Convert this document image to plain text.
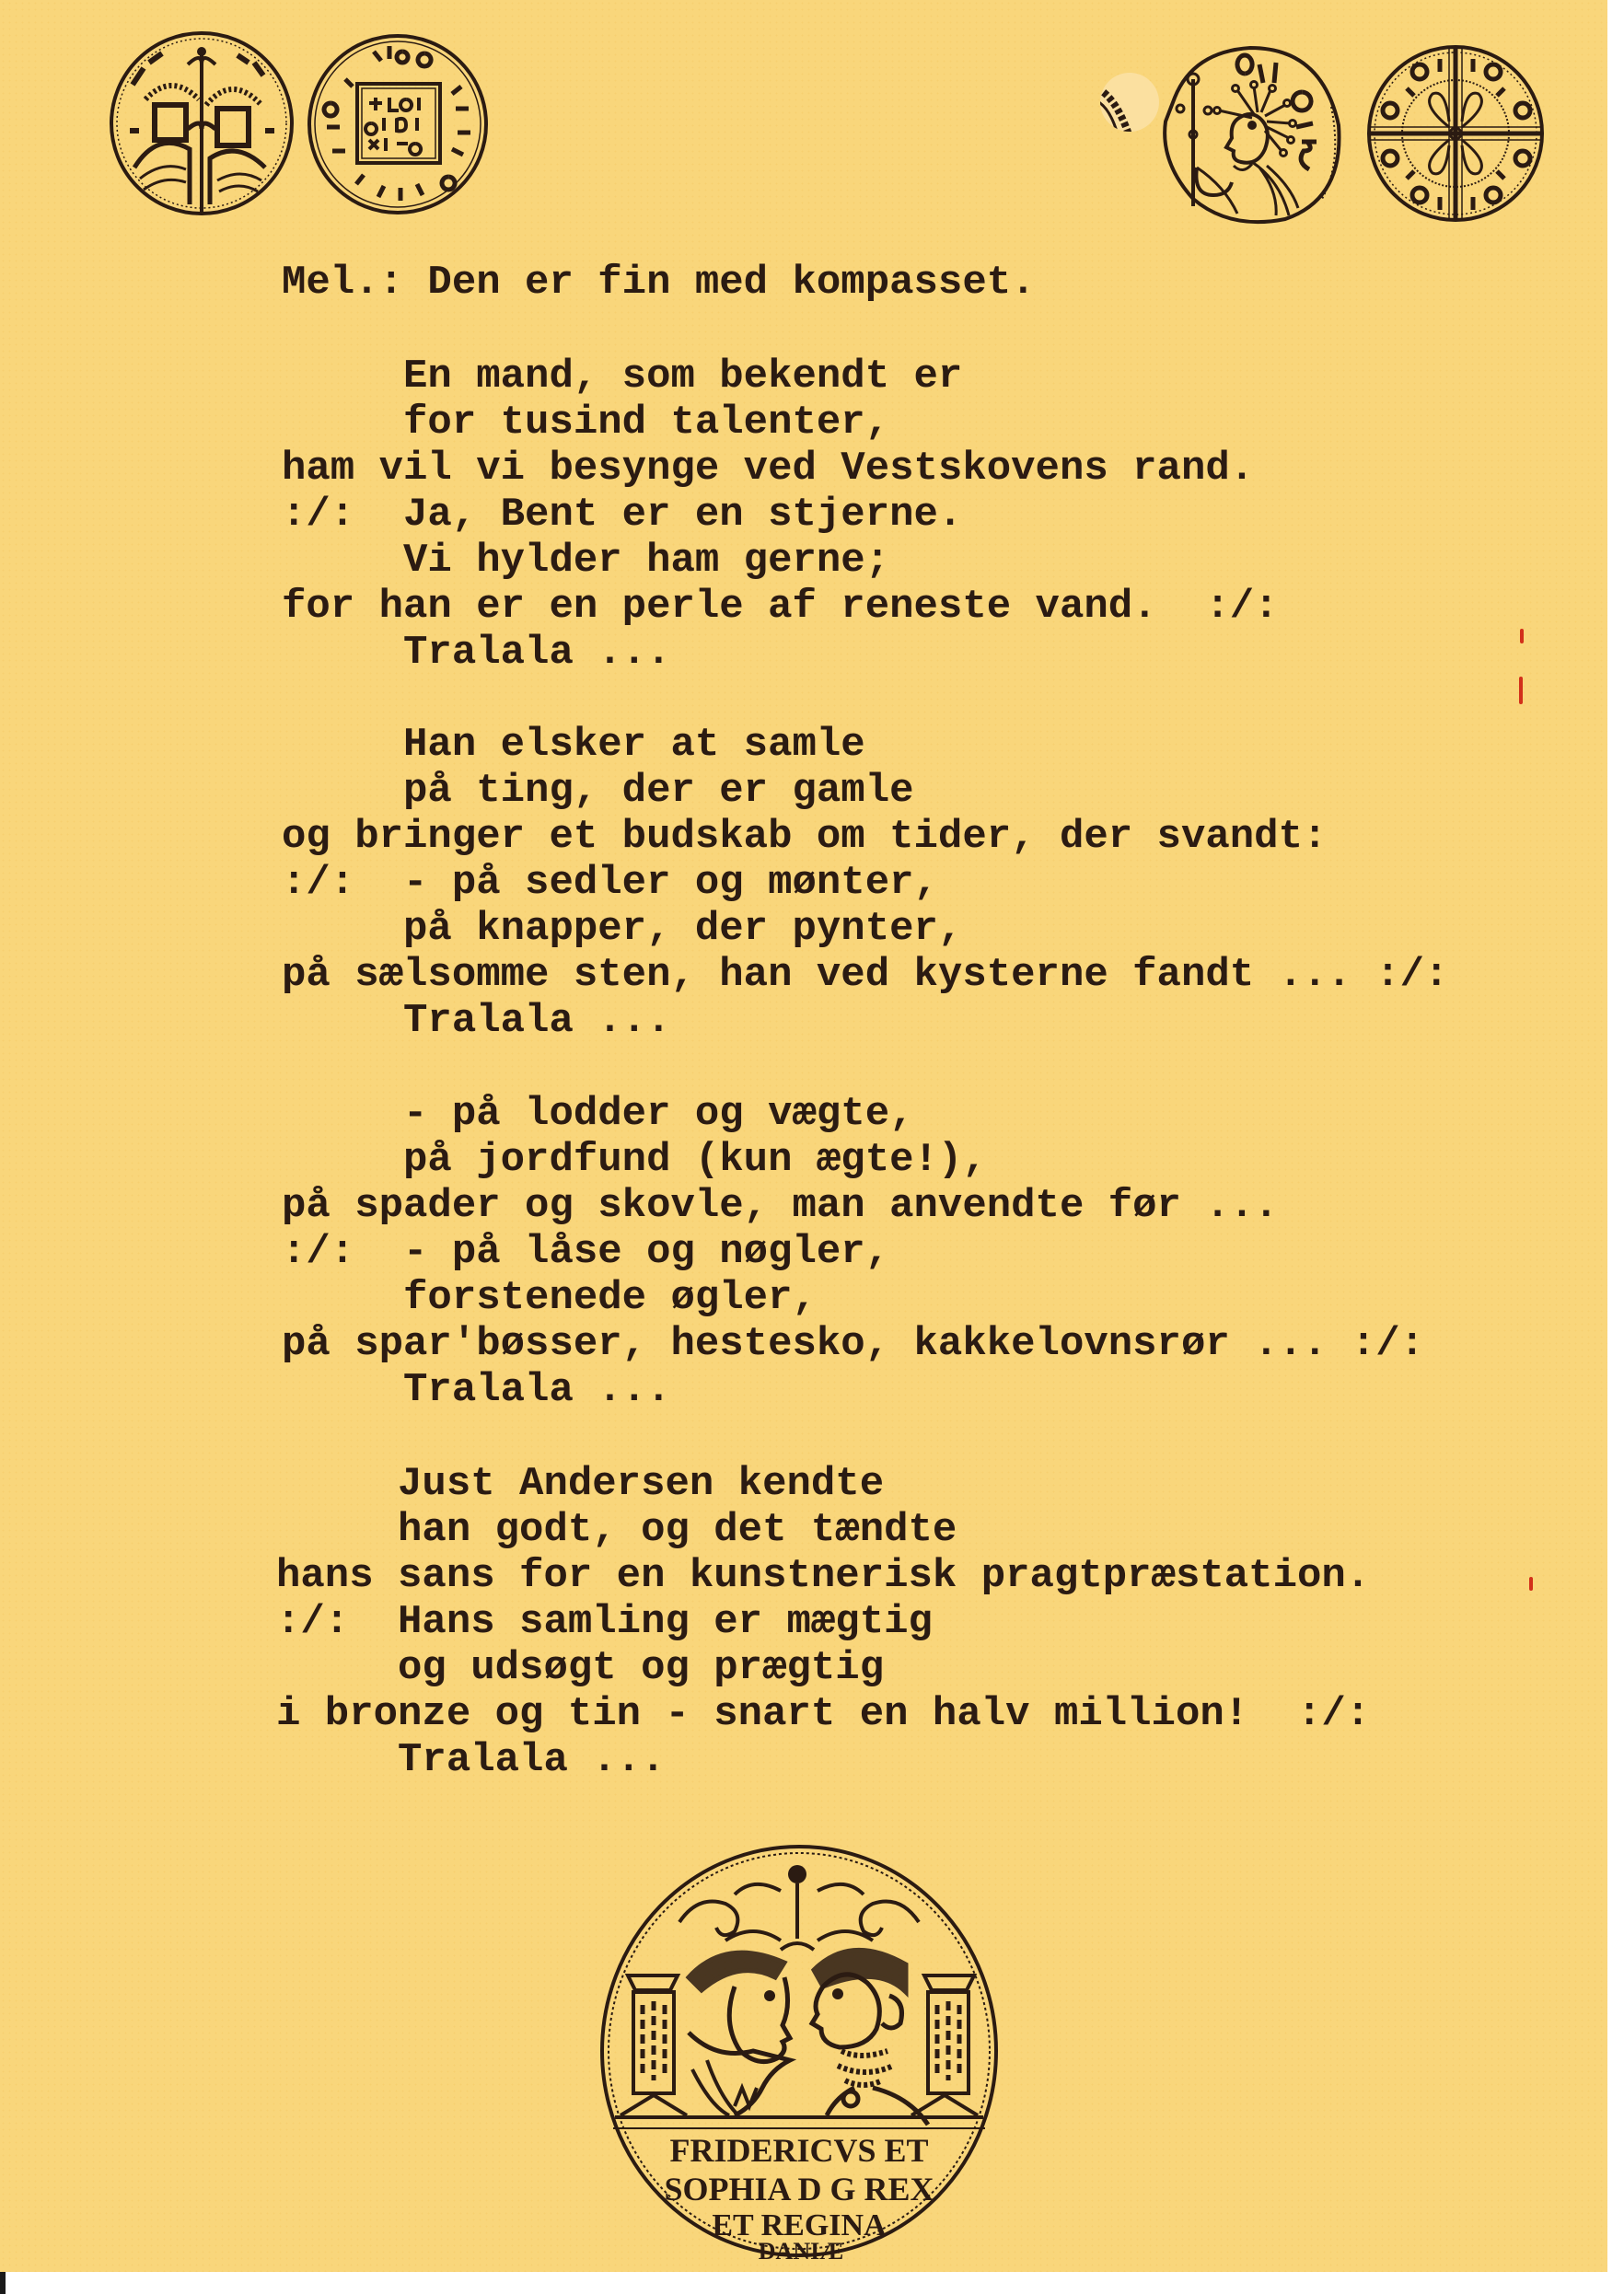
Mel.: Den er fin med kompasset.

En mand, som bekendt er

for tusind talenter,

ham vil vi besynge ved Vestskovens rand.

:/:  Ja, Bent er en stjerne.

Vi hylder ham gerne;

for han er en perle af reneste vand.  :/:

Tralala ...

Han elsker at samle

på ting, der er gamle

og bringer et budskab om tider, der svandt:

:/:  - på sedler og mønter,

på knapper, der pynter,

på sælsomme sten, han ved kysterne fandt ... :/:

Tralala ...

- på lodder og vægte,

på jordfund (kun ægte!),

på spader og skovle, man anvendte før ...

:/:  - på låse og nøgler,

forstenede øgler,

på spar'bøsser, hestesko, kakkelovnsrør ... :/:

Tralala ...

Just Andersen kendte

han godt, og det tændte

hans sans for en kunstnerisk pragtpræstation.

:/:  Hans samling er mægtig

og udsøgt og prægtig

i bronze og tin - snart en halv million!  :/:

Tralala ...

FRIDERICVS ET
SOPHIA D G REX
ET REGINA
DANIÆ
